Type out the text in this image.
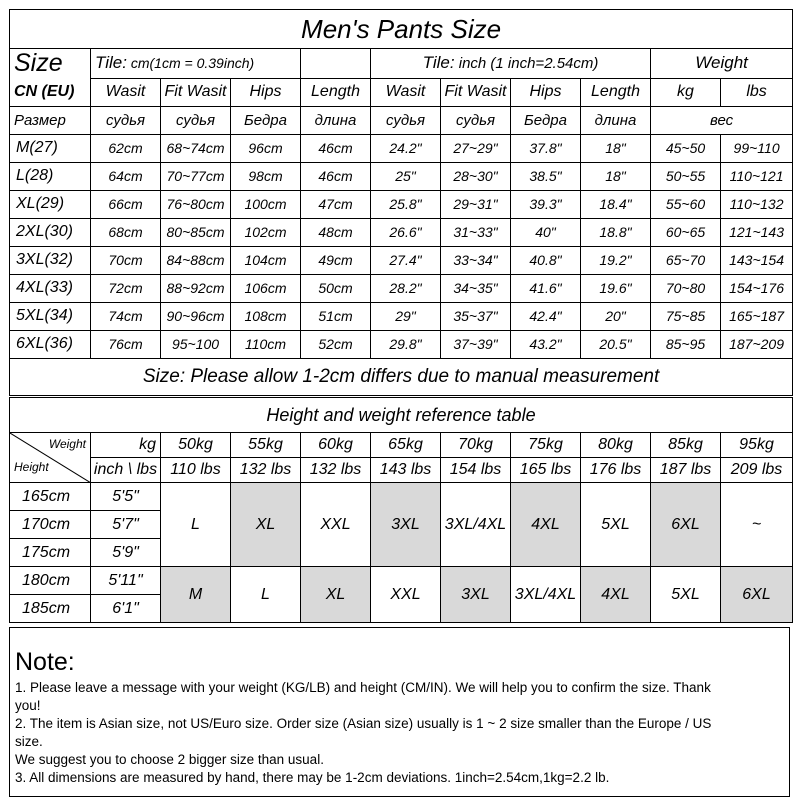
Men's Pants Size										
Size	Tile: cm(1cm = 0.39inch)				Tile: inch (1 inch=2.54cm)				Weight	
CN (EU)	Wasit	Fit Wasit	Hips	Length	Wasit	Fit Wasit	Hips	Length	kg	lbs
Размер	судья	судья	Бедра	длина	судья	судья	Бедра	длина	вес	
M(27)	62cm	68~74cm	96cm	46cm	24.2"	27~29"	37.8"	18"	45~50	99~110
L(28)	64cm	70~77cm	98cm	46cm	25"	28~30"	38.5"	18"	50~55	110~121
XL(29)	66cm	76~80cm	100cm	47cm	25.8"	29~31"	39.3"	18.4"	55~60	110~132
2XL(30)	68cm	80~85cm	102cm	48cm	26.6"	31~33"	40"	18.8"	60~65	121~143
3XL(32)	70cm	84~88cm	104cm	49cm	27.4"	33~34"	40.8"	19.2"	65~70	143~154
4XL(33)	72cm	88~92cm	106cm	50cm	28.2"	34~35"	41.6"	19.6"	70~80	154~176
5XL(34)	74cm	90~96cm	108cm	51cm	29"	35~37"	42.4"	20"	75~85	165~187
6XL(36)	76cm	95~100	110cm	52cm	29.8"	37~39"	43.2"	20.5"	85~95	187~209
Size: Please allow 1-2cm differs due to manual measurement										
Height and weight reference table										

Weight
Height	kg	50kg	55kg	60kg	65kg	70kg	75kg	80kg	85kg	95kg
	inch \ lbs	110 lbs	132 lbs	132 lbs	143 lbs	154 lbs	165 lbs	176 lbs	187 lbs	209 lbs
165cm	5'5"	L	XL	XXL	3XL	3XL/4XL	4XL	5XL	6XL	~
170cm	5'7"									
175cm	5'9"									
180cm	5'11"	M	L	XL	XXL	3XL	3XL/4XL	4XL	5XL	6XL
185cm	6'1"									
Note:
1. Please leave a message with your weight (KG/LB) and height (CM/IN). We will help you to confirm the size. Thank
you!
2. The item is Asian size, not US/Euro size. Order size (Asian size) usually is 1 ~ 2 size smaller than the Europe / US
size.
We suggest you to choose 2 bigger size than usual.
3. All dimensions are measured by hand, there may be 1-2cm deviations. 1inch=2.54cm,1kg=2.2 lb.
